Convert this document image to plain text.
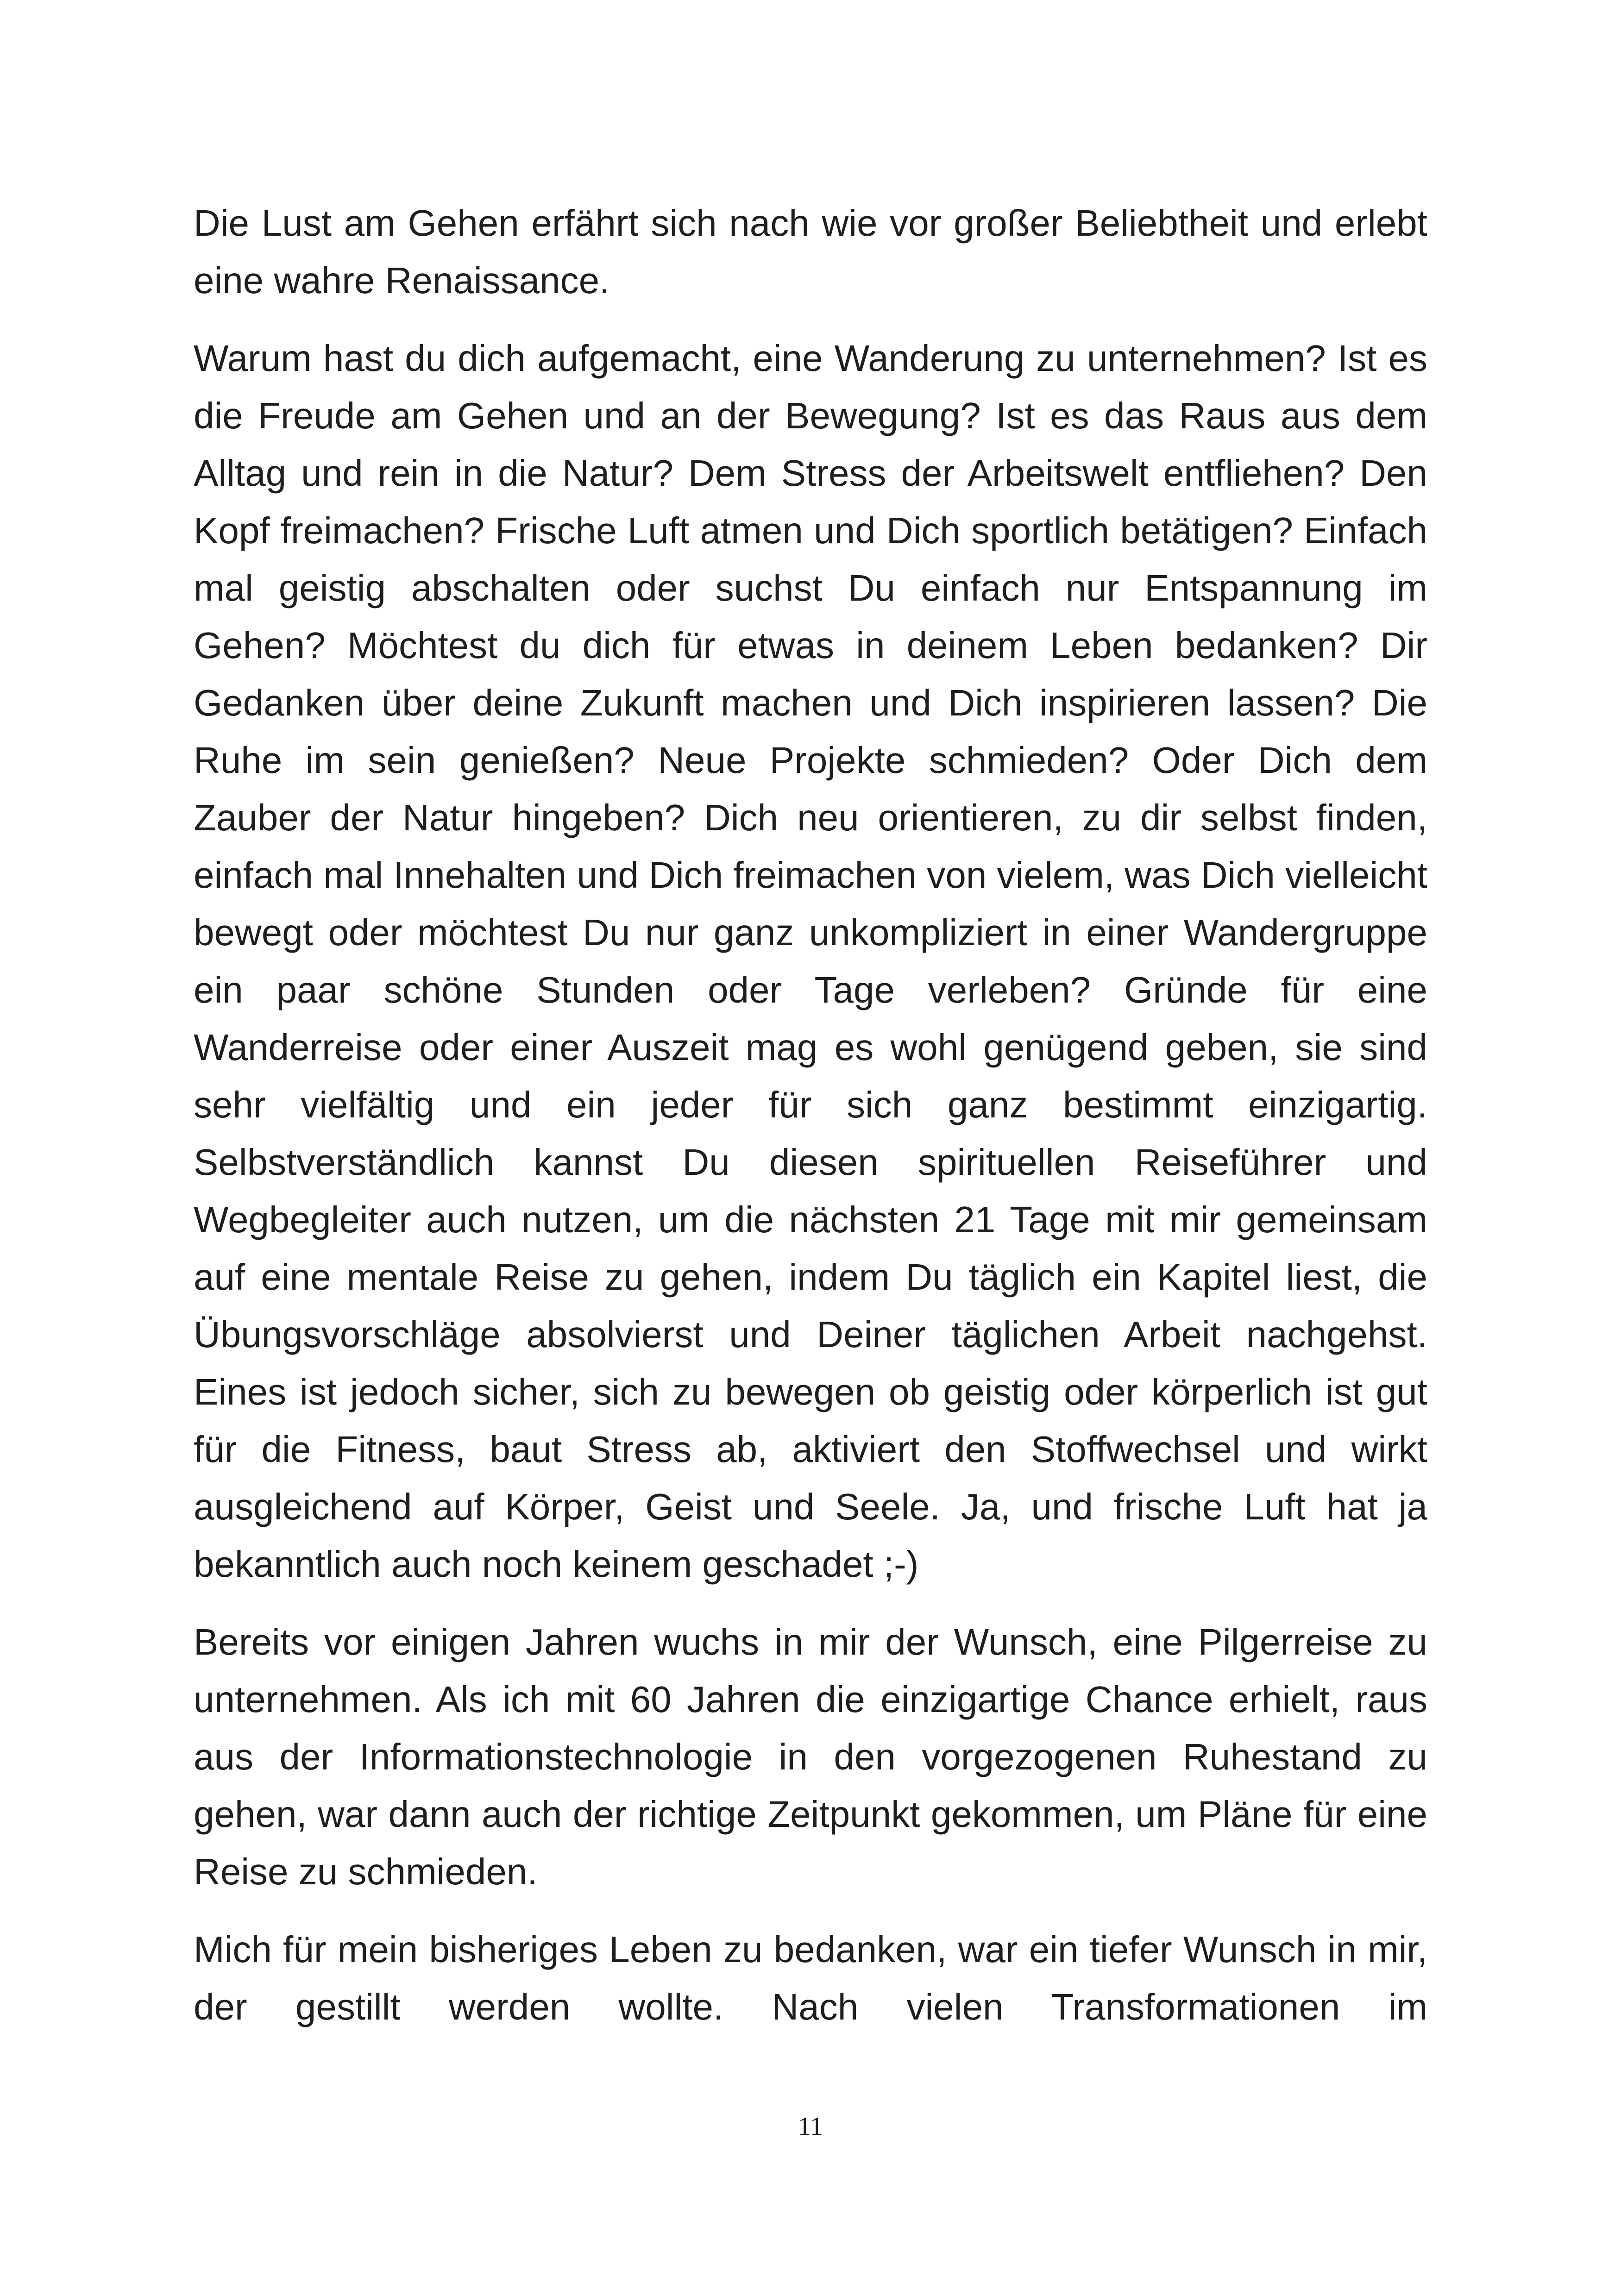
Die Lust am Gehen erfährt sich nach wie vor großer Beliebtheit und erlebt eine wahre Renaissance.

Warum hast du dich aufgemacht, eine Wanderung zu unternehmen? Ist es die Freude am Gehen und an der Bewegung? Ist es das Raus aus dem Alltag und rein in die Natur? Dem Stress der Arbeitswelt entfliehen? Den Kopf freimachen? Frische Luft atmen und Dich sportlich betätigen? Einfach mal geistig abschalten oder suchst Du einfach nur Entspannung im Gehen? Möchtest du dich für etwas in deinem Leben bedanken? Dir Gedanken über deine Zukunft machen und Dich inspirieren lassen? Die Ruhe im sein genießen? Neue Projekte schmieden? Oder Dich dem Zauber der Natur hingeben? Dich neu orientieren, zu dir selbst finden, einfach mal Innehalten und Dich freimachen von vielem, was Dich vielleicht bewegt oder möchtest Du nur ganz unkompliziert in einer Wandergruppe ein paar schöne Stunden oder Tage verleben? Gründe für eine Wanderreise oder einer Auszeit mag es wohl genügend geben, sie sind sehr vielfältig und ein jeder für sich ganz bestimmt einzigartig. Selbstverständlich kannst Du diesen spirituellen Reiseführer und Wegbegleiter auch nutzen, um die nächsten 21 Tage mit mir gemeinsam auf eine mentale Reise zu gehen, indem Du täglich ein Kapitel liest, die Übungsvorschläge absolvierst und Deiner täglichen Arbeit nachgehst. Eines ist jedoch sicher, sich zu bewegen ob geistig oder körperlich ist gut für die Fitness, baut Stress ab, aktiviert den Stoffwechsel und wirkt ausgleichend auf Körper, Geist und Seele. Ja, und frische Luft hat ja bekanntlich auch noch keinem geschadet ;-)

Bereits vor einigen Jahren wuchs in mir der Wunsch, eine Pilgerreise zu unternehmen. Als ich mit 60 Jahren die einzigartige Chance erhielt, raus aus der Informationstechnologie in den vorgezogenen Ruhestand zu gehen, war dann auch der richtige Zeitpunkt gekommen, um Pläne für eine Reise zu schmieden.

Mich für mein bisheriges Leben zu bedanken, war ein tiefer Wunsch in mir, der gestillt werden wollte. Nach vielen Transformationen im

11
